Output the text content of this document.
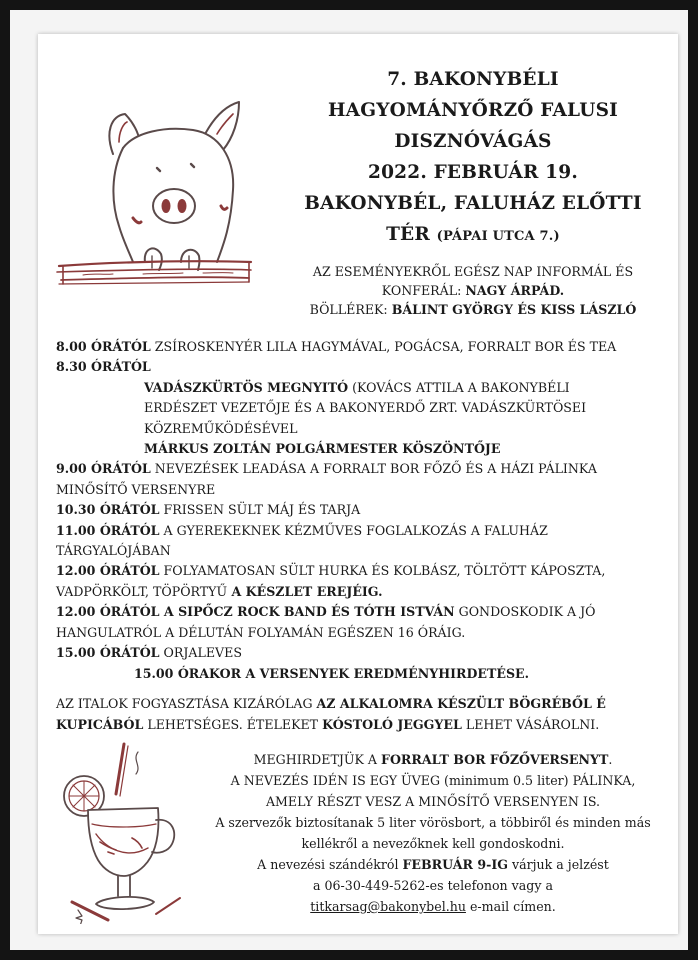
7. BAKONYBÉLI
HAGYOMÁNYŐRZŐ FALUSI
DISZNÓVÁGÁS
2022. FEBRUÁR 19.
BAKONYBÉL, FALUHÁZ ELŐTTI
TÉR (PÁPAI UTCA 7.)
AZ ESEMÉNYEKRŐL EGÉSZ NAP INFORMÁL ÉS
KONFERÁL: NAGY ÁRPÁD.
BÖLLÉREK: BÁLINT GYÖRGY ÉS KISS LÁSZLÓ
8.00 ÓRÁTÓL ZSÍROSKENYÉR LILA HAGYMÁVAL, POGÁCSA, FORRALT BOR ÉS TEA
8.30 ÓRÁTÓL
VADÁSZKÜRTÖS MEGNYITÓ (KOVÁCS ATTILA A BAKONYBÉLI
ERDÉSZET VEZETŐJE ÉS A BAKONYERDŐ ZRT. VADÁSZKÜRTÖSEI
KÖZREMŰKÖDÉSÉVEL
MÁRKUS ZOLTÁN POLGÁRMESTER KÖSZÖNTŐJE
9.00 ÓRÁTÓL NEVEZÉSEK LEADÁSA A FORRALT BOR FŐZŐ ÉS A HÁZI PÁLINKA
MINŐSÍTŐ VERSENYRE
10.30 ÓRÁTÓL FRISSEN SÜLT MÁJ ÉS TARJA
11.00 ÓRÁTÓL A GYEREKEKNEK KÉZMŰVES FOGLALKOZÁS A FALUHÁZ
TÁRGYALÓJÁBAN
12.00 ÓRÁTÓL FOLYAMATOSAN SÜLT HURKA ÉS KOLBÁSZ, TÖLTÖTT KÁPOSZTA,
VADPÖRKÖLT, TÖPÖRTYŰ A KÉSZLET EREJÉIG.
12.00 ÓRÁTÓL A SIPŐCZ ROCK BAND ÉS TÓTH ISTVÁN GONDOSKODIK A JÓ
HANGULATRÓL A DÉLUTÁN FOLYAMÁN EGÉSZEN 16 ÓRÁIG.
15.00 ÓRÁTÓL ORJALEVES
15.00 ÓRAKOR A VERSENYEK EREDMÉNYHIRDETÉSE.
AZ ITALOK FOGYASZTÁSA KIZÁRÓLAG AZ ALKALOMRA KÉSZÜLT BÖGRÉBŐL É
KUPICÁBÓL LEHETSÉGES. ÉTELEKET KÓSTOLÓ JEGGYEL LEHET VÁSÁROLNI.
MEGHIRDETJÜK A FORRALT BOR FŐZŐVERSENYT.
A NEVEZÉS IDÉN IS EGY ÜVEG (minimum 0.5 liter) PÁLINKA,
AMELY RÉSZT VESZ A MINŐSÍTŐ VERSENYEN IS.
A szervezők biztosítanak 5 liter vörösbort, a többiről és minden más
kellékről a nevezőknek kell gondoskodni.
A nevezési szándékról FEBRUÁR 9-IG várjuk a jelzést
a 06-30-449-5262-es telefonon vagy a
titkarsag@bakonybel.hu e-mail címen.
